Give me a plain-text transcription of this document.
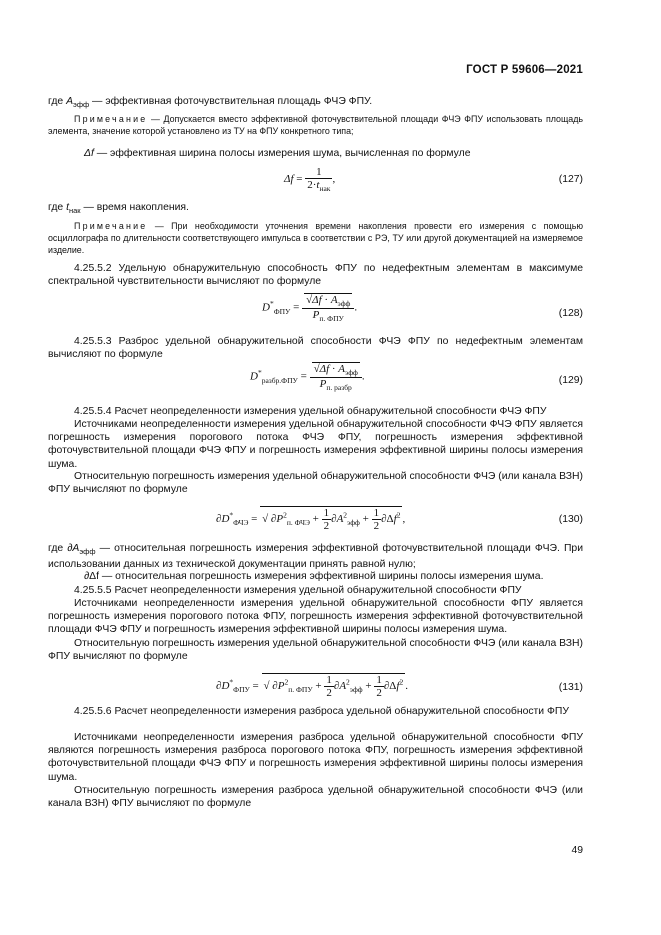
ГОСТ Р 59606—2021
где $A_{эфф}$ — эффективная фоточувствительная площадь ФЧЭ ФПУ.
Примечание — Допускается вместо эффективной фоточувствительной площади ФЧЭ ФПУ использовать площадь элемента, значение которой установлено из ТУ на ФПУ конкретного типа;
Δf — эффективная ширина полосы измерения шума, вычисленная по формуле
$\Delta f = \frac{1}{2\cdot t_{нак}}$ ,	(127)
где $t_{нак}$ — время накопления.
Примечание — При необходимости уточнения времени накопления провести его измерения с помощью осциллографа по длительности соответствующего импульса в соответствии с РЭ, ТУ или другой документацией на измеряемое изделие.
4.25.5.2 Удельную обнаружительную способность ФПУ по недефектным элементам в максимуме спектральной чувствительности вычисляют по формуле
$D^*_{ФПУ} = \frac{√\Delta f \cdot A_{эфф}}{P_{п. ФПУ}}$ .	(128)
4.25.5.3 Разброс удельной обнаружительной способности ФЧЭ ФПУ по недефектным элементам вычисляют по формуле
$D^*_{разбр.ФПУ} = \frac{√\Delta f \cdot A_{эфф}}{P_{п. разбр}}$ .	(129)
4.25.5.4 Расчет неопределенности измерения удельной обнаружительной способности ФЧЭ ФПУ
Источниками неопределенности измерения удельной обнаружительной способности ФЧЭ ФПУ является погрешность измерения порогового потока ФЧЭ ФПУ, погрешность измерения эффективной фоточувствительной площади ФЧЭ ФПУ и погрешность измерения эффективной ширины полосы измерения шума.
Относительную погрешность измерения удельной обнаружительной способности ФЧЭ (или канала ВЗН) ФПУ вычисляют по формуле
$\partial D^*_{ФЧЭ}$ = √ $\partial P^2_{п. ФЧЭ} + \frac{1}{2} \partial A^2_{эфф} + \frac{1}{2} \partial\Delta f^2$ ,	(130)
где $\partial A_{эфф}$ — относительная погрешность измерения эффективной фоточувствительной площади ФЧЭ. При использовании данных из технической документации принять равной нулю;
∂Δf — относительная погрешность измерения эффективной ширины полосы измерения шума.
4.25.5.5 Расчет неопределенности измерения удельной обнаружительной способности ФПУ
Источниками неопределенности измерения удельной обнаружительной способности ФПУ является погрешность измерения порогового потока ФПУ, погрешность измерения эффективной фоточувствительной площади ФЧЭ ФПУ и погрешность измерения эффективной ширины полосы измерения шума.
Относительную погрешность измерения удельной обнаружительной способности ФЧЭ (или канала ВЗН) ФПУ вычисляют по формуле
$\partial D^*_{ФПУ}$ = √ $\partial P^2_{п. ФПУ} + \frac{1}{2} \partial A^2_{эфф} + \frac{1}{2} \partial\Delta f^2$ .	(131)
4.25.5.6 Расчет неопределенности измерения разброса удельной обнаружительной способности ФПУ
Источниками неопределенности измерения разброса удельной обнаружительной способности ФПУ являются погрешность измерения разброса порогового потока ФПУ, погрешность измерения эффективной фоточувствительной площади ФЧЭ ФПУ и погрешность измерения эффективной ширины полосы измерения шума.
Относительную погрешность измерения разброса удельной обнаружительной способности ФЧЭ (или канала ВЗН) ФПУ вычисляют по формуле
49
